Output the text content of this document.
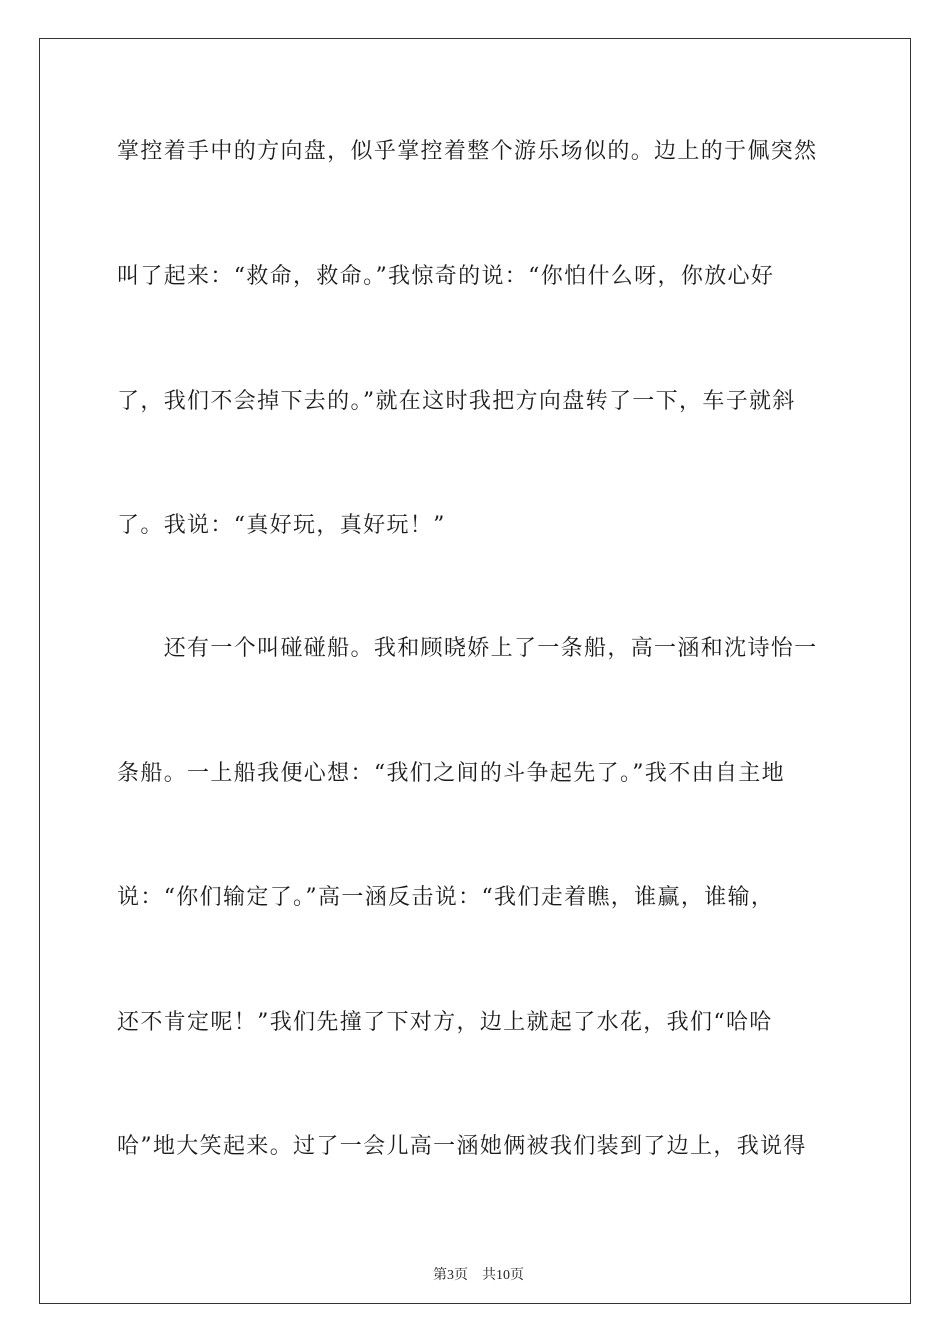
掌控着手中的方向盘，似乎掌控着整个游乐场似的。边上的于佩突然
叫了起来：“救命，救命。”我惊奇的说：“你怕什么呀，你放心好
了，我们不会掉下去的。”就在这时我把方向盘转了一下，车子就斜
了。我说：“真好玩，真好玩！”
　　还有一个叫碰碰船。我和顾晓娇上了一条船，高一涵和沈诗怡一
条船。一上船我便心想：“我们之间的斗争起先了。”我不由自主地
说：“你们输定了。”高一涵反击说：“我们走着瞧，谁赢，谁输，
还不肯定呢！”我们先撞了下对方，边上就起了水花，我们“哈哈
哈”地大笑起来。过了一会儿高一涵她俩被我们装到了边上，我说得

第3页 共10页
